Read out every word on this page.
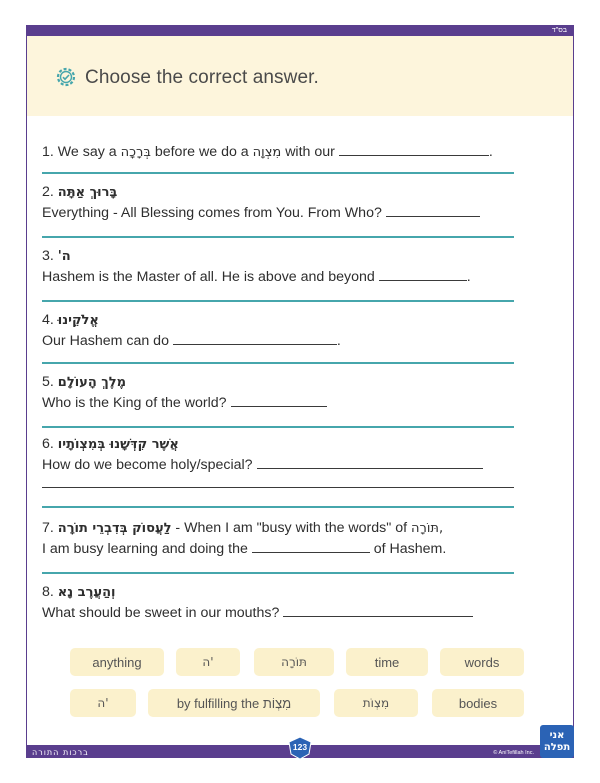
בס"ד
Choose the correct answer.
1. We say a בְּרָכָה before we do a מִצְוָה with our	.
בָּרוּךְ אַתָּה .2
Everything - All Blessing comes from You. From Who?
ה' .3
Hashem is the Master of all. He is above and beyond	.
אֱלֹקֵינוּ .4
Our Hashem can do	.
מֶלֶךְ הָעוֹלָם .5
Who is the King of the world?
אֲשֶׁר קִדְּשָׁנוּ בְּמִצְוֹתָיו .6
How do we become holy/special?
7. לַעֲסוֹק בְּדִבְרֵי תוֹרָה - When I am "busy with the words" of תּוֹרָה,
I am busy learning and doing the	of Hashem.
וְהַעֲרֶב נָא .8
What should be sweet in our mouths?
anything	ה'	תּוֹרָה	time	words
ה'	by fulfilling the מִצְוֹת	מִצְוֹת	bodies
ברכות התורה	© AniTefillah Inc.
123
אני
תפלה
